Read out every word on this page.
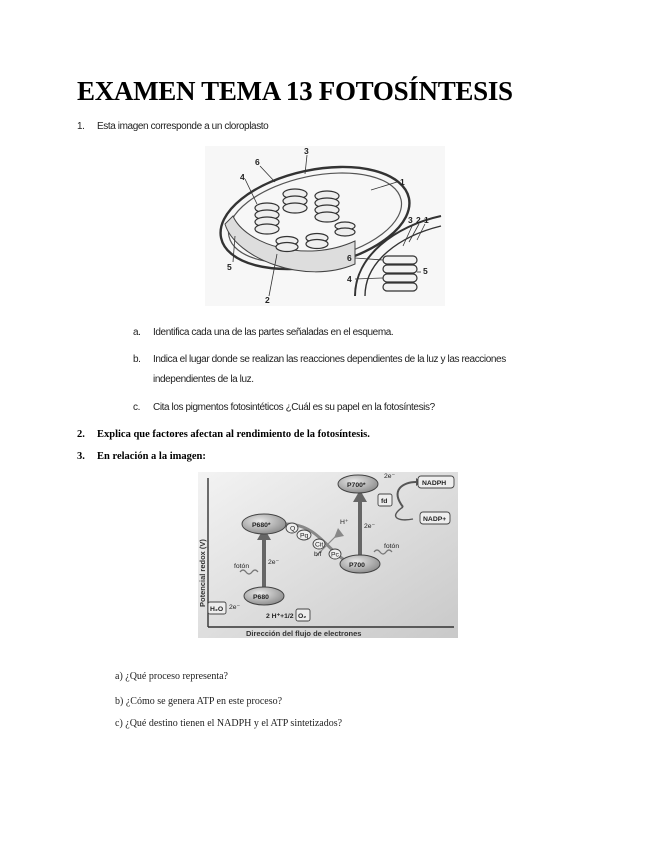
EXAMEN TEMA 13 FOTOSÍNTESIS
1. Esta imagen corresponde a un cloroplasto
1
2
3
4
5
6
3 2 1
6
4
5
a. Identifica cada una de las partes señaladas en el esquema.
b. Indica el lugar donde se realizan las reacciones dependientes de la luz y las reacciones
independientes de la luz.
c. Cita los pigmentos fotosintéticos ¿Cuál es su papel en la fotosíntesis?
2. Explica que factores afectan al rendimiento de la fotosíntesis.
3. En relación a la imagen:
Potencial redox (V)
Dirección del flujo de electrones
P680*
P680
P700*
P700
fd
NADPH
NADP+
fotón
fotón
2e⁻
2e⁻
2e⁻
2e⁻
Q
Pq
Cit
b/f Pc
H⁺
H₂O
2 H⁺+1/2 O₂
a) ¿Qué proceso representa?
b) ¿Cómo se genera ATP en este proceso?
c) ¿Qué destino tienen el NADPH y el ATP sintetizados?
